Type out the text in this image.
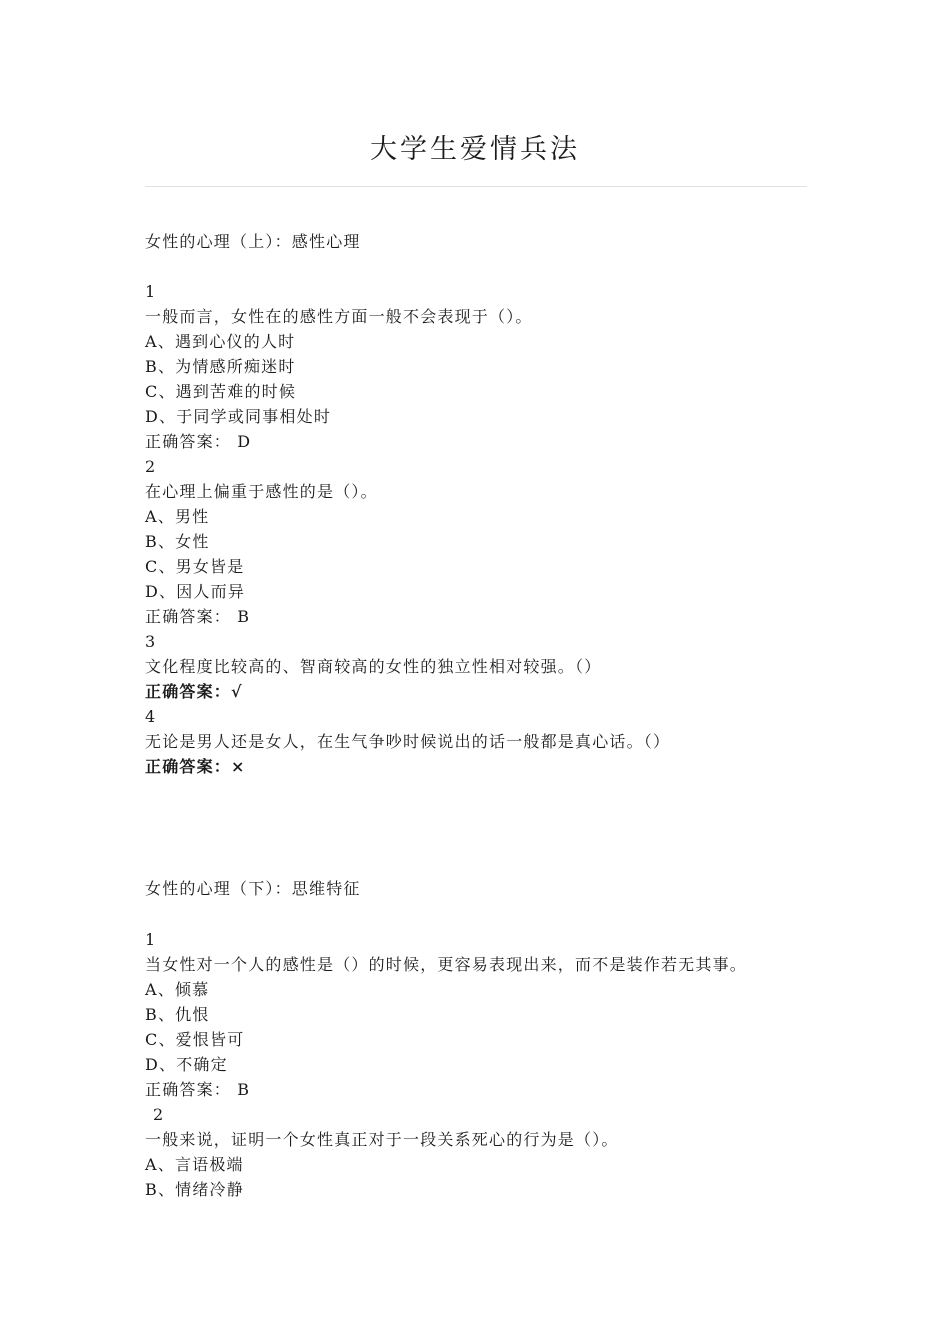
大学生爱情兵法
女性的心理（上）：感性心理
1
一般而言，女性在的感性方面一般不会表现于（）。
A、遇到心仪的人时
B、为情感所痴迷时
C、遇到苦难的时候
D、于同学或同事相处时
正确答案： D
2
在心理上偏重于感性的是（）。
A、男性
B、女性
C、男女皆是
D、因人而异
正确答案： B
3
文化程度比较高的、智商较高的女性的独立性相对较强。（）
正确答案：√
4
无论是男人还是女人，在生气争吵时候说出的话一般都是真心话。（）
正确答案：×
女性的心理（下）：思维特征
1
当女性对一个人的感性是（）的时候，更容易表现出来，而不是装作若无其事。
A、倾慕
B、仇恨
C、爱恨皆可
D、不确定
正确答案： B
2
一般来说，证明一个女性真正对于一段关系死心的行为是（）。
A、言语极端
B、情绪冷静
